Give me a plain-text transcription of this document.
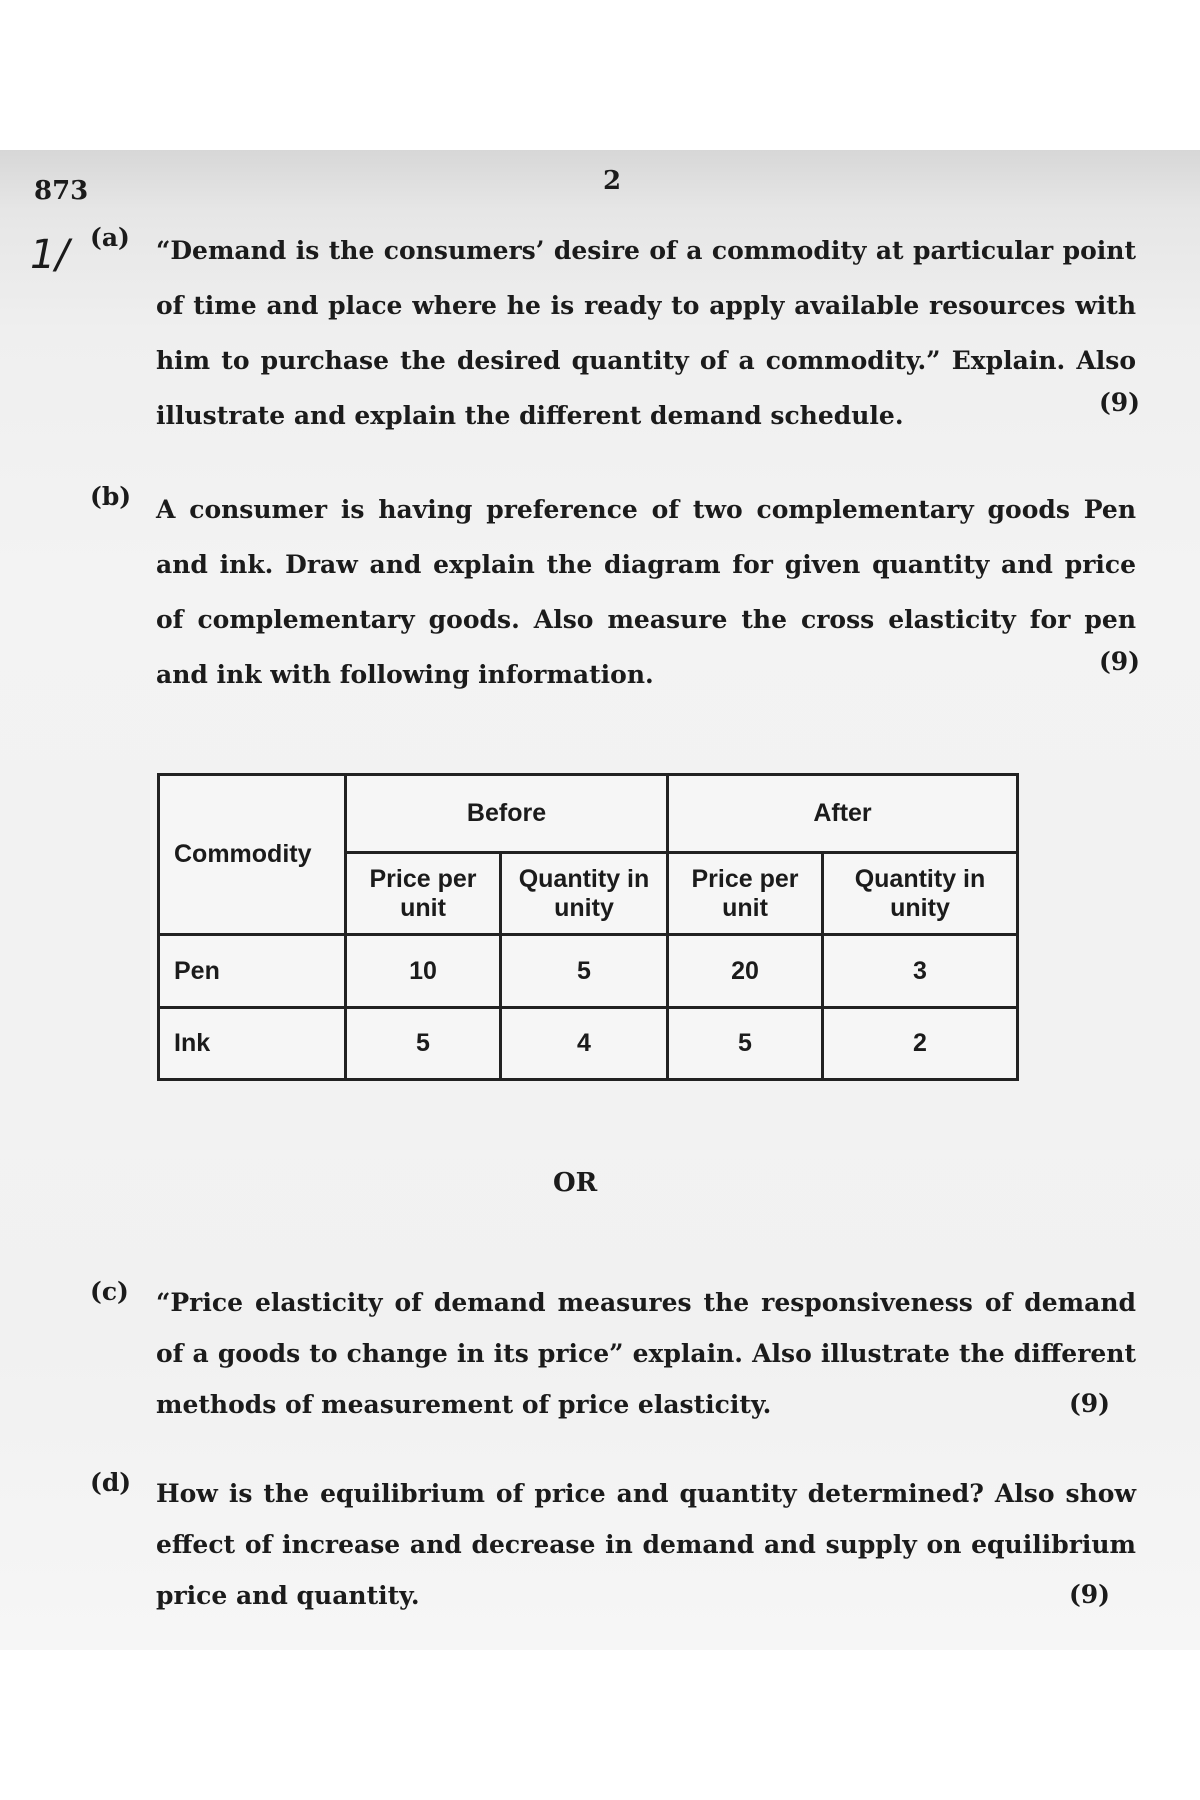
873	2
1/ (a) “Demand is the consumers’ desire of a commodity at particular point of time and place where he is ready to apply available resources with him to purchase the desired quantity of a commodity.” Explain. Also illustrate and explain the different demand schedule.	(9)
(b) A consumer is having preference of two complementary goods Pen and ink. Draw and explain the diagram for given quantity and price of complementary goods. Also measure the cross elasticity for pen and ink with following information.	(9)
Commodity	Before		After	
	Price per unit	Quantity in unity	Price per unit	Quantity in unity
Pen	10	5	20	3
Ink	5	4	5	2
OR
(c) “Price elasticity of demand measures the responsiveness of demand of a goods to change in its price” explain. Also illustrate the different methods of measurement of price elasticity.	(9)
(d) How is the equilibrium of price and quantity determined? Also show effect of increase and decrease in demand and supply on equilibrium price and quantity.	(9)
